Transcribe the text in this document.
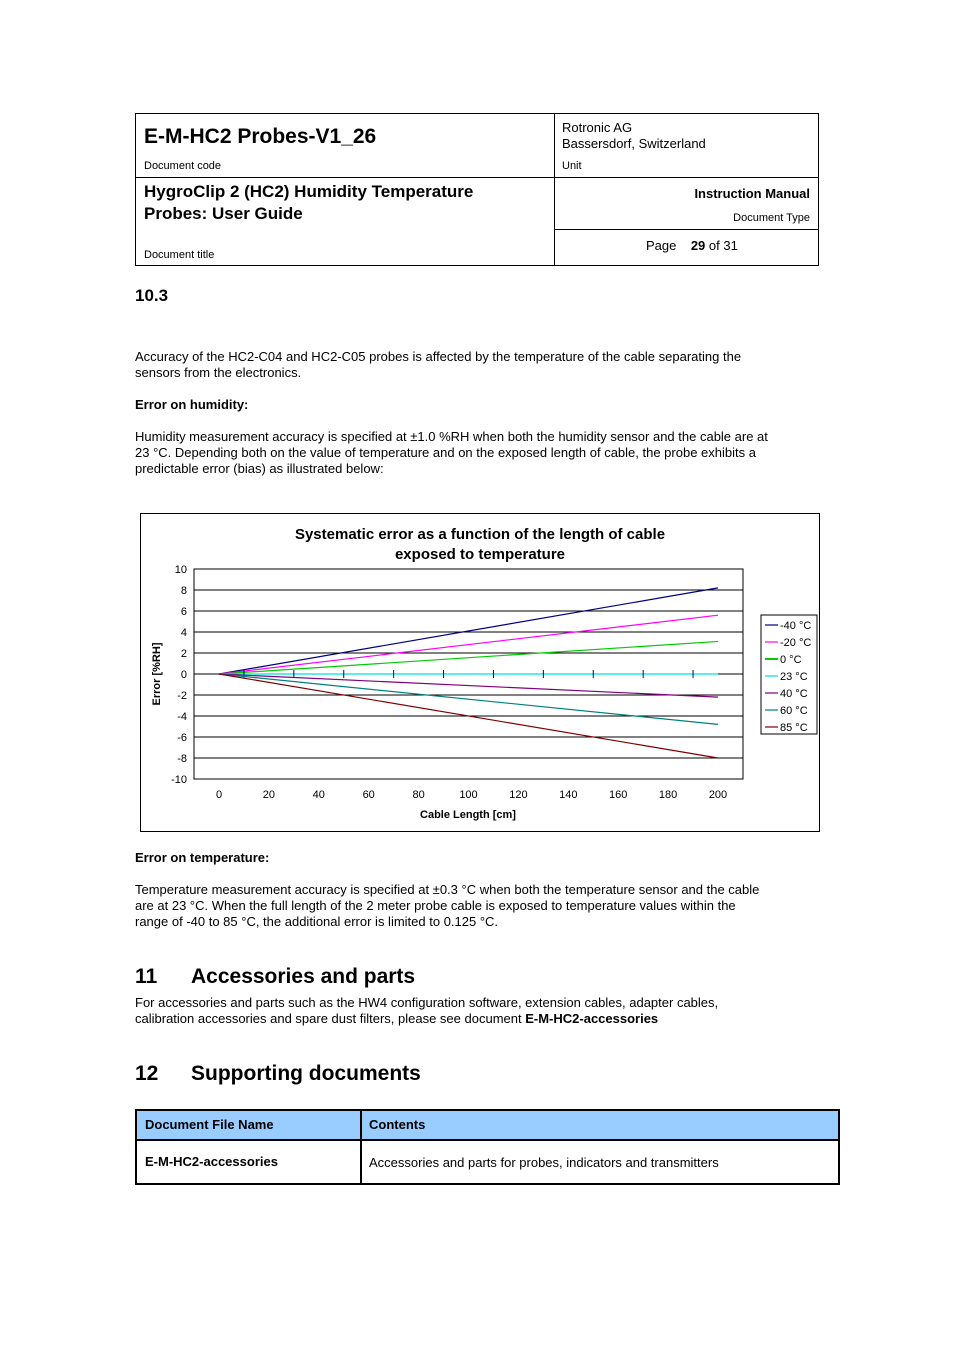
E-M-HC2 Probes-V1_26
Document code
Rotronic AG
Bassersdorf, Switzerland
Unit
HygroClip 2 (HC2) Humidity Temperature
Probes: User Guide
Document title
Instruction Manual
Document Type
Page 29 of 31
10.3
Accuracy of the HC2-C04 and HC2-C05 probes is affected by the temperature of the cable separating the
sensors from the electronics.
Error on humidity:
Humidity measurement accuracy is specified at ±1.0 %RH when both the humidity sensor and the cable are at
23 °C. Depending both on the value of temperature and on the exposed length of cable, the probe exhibits a
predictable error (bias) as illustrated below:
Systematic error as a function of the length of cable
exposed to temperature
10
8
6
4
2
0
-2
-4
-6
-8
-10
0	20	40	60	80	100	120	140	160	180	200
Cable Length [cm]
Error [%RH]
-40 °C
-20 °C
0 °C
23 °C
40 °C
60 °C
85 °C
Error on temperature:
Temperature measurement accuracy is specified at ±0.3 °C when both the temperature sensor and the cable
are at 23 °C. When the full length of the 2 meter probe cable is exposed to temperature values within the
range of -40 to 85 °C, the additional error is limited to 0.125 °C.
11 Accessories and parts
For accessories and parts such as the HW4 configuration software, extension cables, adapter cables,
calibration accessories and spare dust filters, please see document E-M-HC2-accessories
12 Supporting documents
Document File Name	Contents
E-M-HC2-accessories	Accessories and parts for probes, indicators and transmitters
